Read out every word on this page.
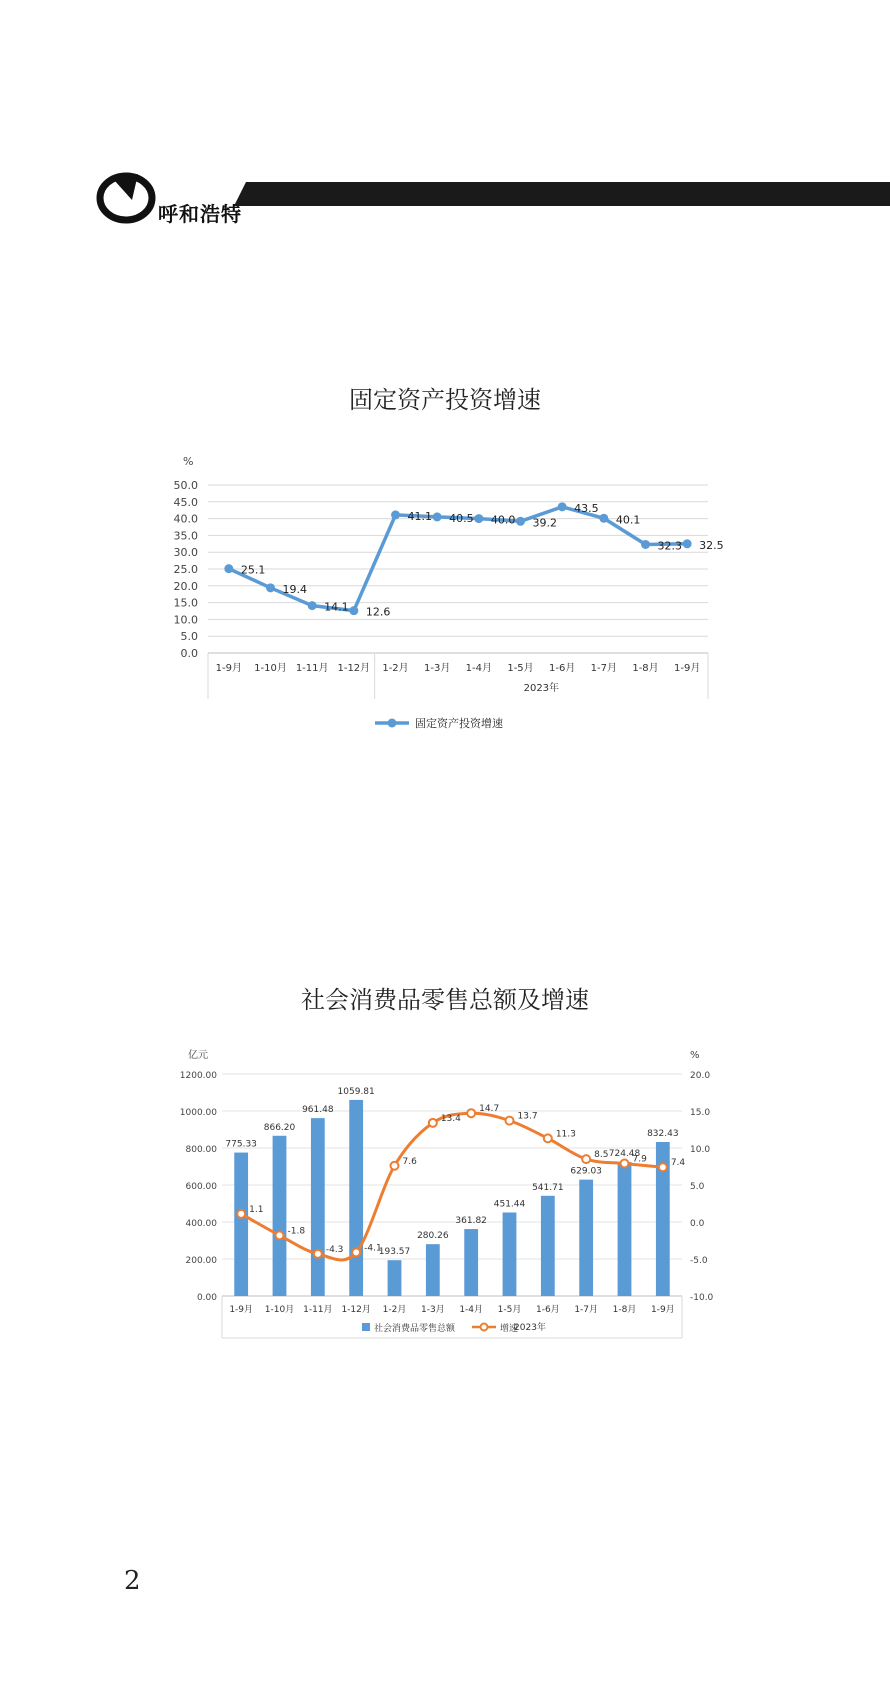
呼和浩特
固定资产投资增速
%
50.0
45.0
40.0
35.0
30.0
25.0
20.0
15.0
10.0
5.0
0.0
1-9月 1-10月 1-11月 1-12月 1-2月 1-3月 1-4月 1-5月 1-6月 1-7月 1-8月 1-9月
2023年
25.1
19.4
14.1 12.6
41.1 40.5 40.0 39.2
43.5
40.1
32.3 32.5
固定资产投资增速
社会消费品零售总额及增速
亿元	%
1200.00
1000.00
800.00
600.00
400.00
200.00
0.00
20.0
15.0
10.0
5.0
0.0
-5.0
-10.0
775.33
866.20
961.48
1059.81
193.57
280.26
361.82
451.44
541.71
629.03
724.48
832.43
1-9月 1-10月 1-11月 1-12月 1-2月 1-3月 1-4月 1-5月 1-6月 1-7月 1-8月 1-9月
2023年
1.1
-1.8
-4.3 -4.1
7.6
13.4
14.7
13.7
11.3
8.5	7.9	7.4
社会消费品零售总额	增速
2
